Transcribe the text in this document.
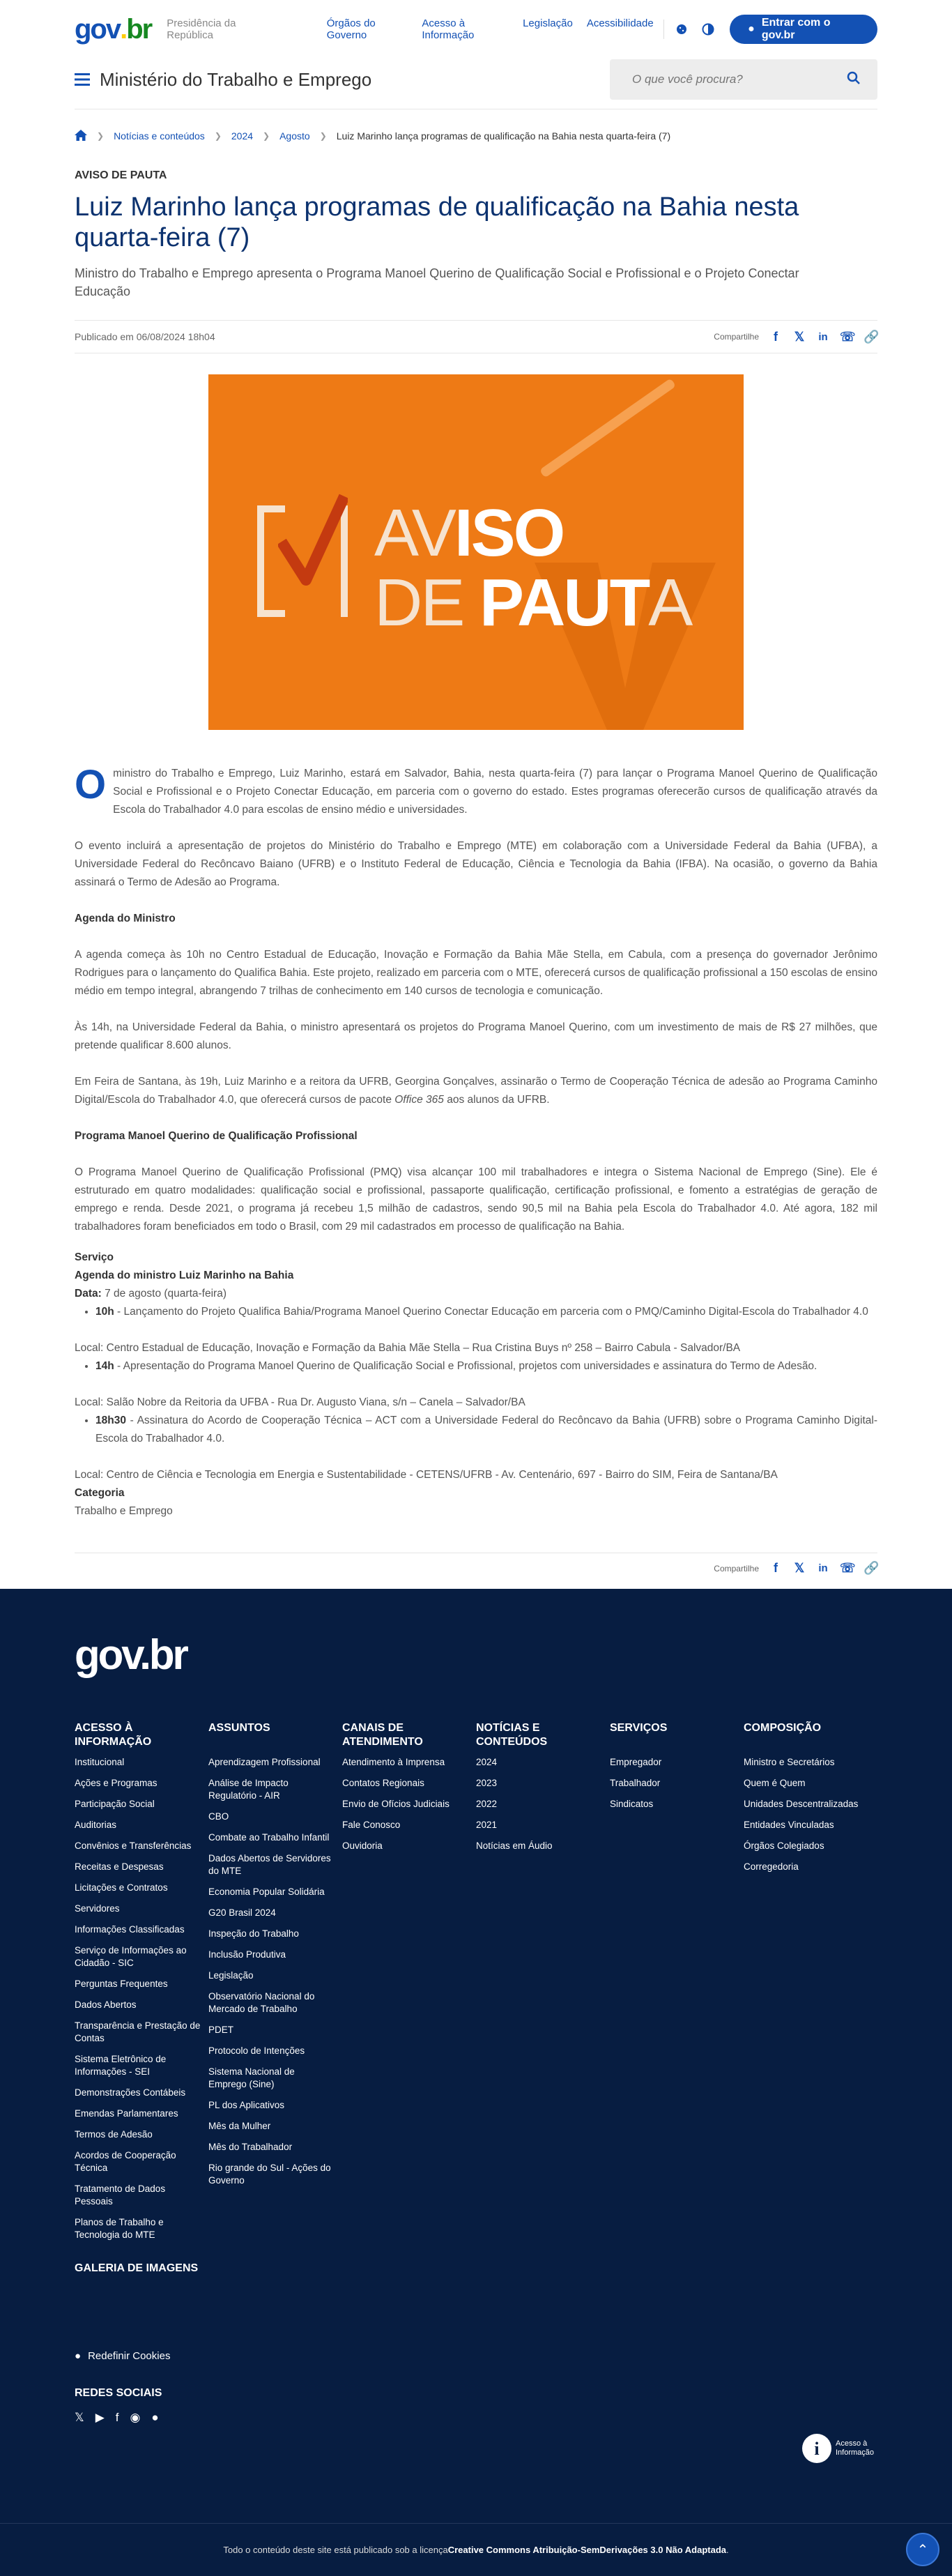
gov . br Presidência da República
Órgãos do Governo
Acesso à Informação
Legislação Acessibilidade	●
Entrar com o gov.br
Ministério do Trabalho e Emprego
O que você procura?
❯ Notícias e conteúdos ❯ 2024 ❯ Agosto ❯ Luiz Marinho lança programas de qualificação na Bahia nesta quarta-feira (7)
AVISO DE PAUTA
Luiz Marinho lança programas de qualificação na Bahia nesta quarta-feira (7)
Ministro do Trabalho e Emprego apresenta o Programa Manoel Querino de Qualificação Social e Profissional e o Projeto Conectar Educação
Publicado em 06/08/2024 18h04	Compartilhe	f	𝕏 in ☏ 🔗
AVISO
DE PAUTA

O ministro do Trabalho e Emprego, Luiz Marinho, estará em Salvador, Bahia, nesta quarta-feira (7) para lançar o Programa Manoel Querino de Qualificação Social e Profissional e o Projeto Conectar Educação, em parceria com o governo do estado. Estes programas oferecerão cursos de qualificação através da Escola do Trabalhador 4.0 para escolas de ensino médio e universidades.

O evento incluirá a apresentação de projetos do Ministério do Trabalho e Emprego (MTE) em colaboração com a Universidade Federal da Bahia (UFBA), a Universidade Federal do Recôncavo Baiano (UFRB) e o Instituto Federal de Educação, Ciência e Tecnologia da Bahia (IFBA). Na ocasião, o governo da Bahia assinará o Termo de Adesão ao Programa.

Agenda do Ministro

A agenda começa às 10h no Centro Estadual de Educação, Inovação e Formação da Bahia Mãe Stella, em Cabula, com a presença do governador Jerônimo Rodrigues para o lançamento do Qualifica Bahia. Este projeto, realizado em parceria com o MTE, oferecerá cursos de qualificação profissional a 150 escolas de ensino médio em tempo integral, abrangendo 7 trilhas de conhecimento em 140 cursos de tecnologia e comunicação.

Às 14h, na Universidade Federal da Bahia, o ministro apresentará os projetos do Programa Manoel Querino, com um investimento de mais de R$ 27 milhões, que pretende qualificar 8.600 alunos.

Em Feira de Santana, às 19h, Luiz Marinho e a reitora da UFRB, Georgina Gonçalves, assinarão o Termo de Cooperação Técnica de adesão ao Programa Caminho Digital/Escola do Trabalhador 4.0, que oferecerá cursos de pacote Office 365 aos alunos da UFRB.

Programa Manoel Querino de Qualificação Profissional

O Programa Manoel Querino de Qualificação Profissional (PMQ) visa alcançar 100 mil trabalhadores e integra o Sistema Nacional de Emprego (Sine). Ele é estruturado em quatro modalidades: qualificação social e profissional, passaporte qualificação, certificação profissional, e fomento a estratégias de geração de emprego e renda. Desde 2021, o programa já recebeu 1,5 milhão de cadastros, sendo 90,5 mil na Bahia pela Escola do Trabalhador 4.0. Até agora, 182 mil trabalhadores foram beneficiados em todo o Brasil, com 29 mil cadastrados em processo de qualificação na Bahia.

Serviço
Agenda do ministro Luiz Marinho na Bahia
Data: 7 de agosto (quarta-feira)
• 10h - Lançamento do Projeto Qualifica Bahia/Programa Manoel Querino Conectar Educação em parceria com o PMQ/Caminho Digital-Escola do Trabalhador 4.0
Local: Centro Estadual de Educação, Inovação e Formação da Bahia Mãe Stella – Rua Cristina Buys nº 258 – Bairro Cabula - Salvador/BA
• 14h - Apresentação do Programa Manoel Querino de Qualificação Social e Profissional, projetos com universidades e assinatura do Termo de Adesão.
Local: Salão Nobre da Reitoria da UFBA - Rua Dr. Augusto Viana, s/n – Canela – Salvador/BA
• 18h30 - Assinatura do Acordo de Cooperação Técnica – ACT com a Universidade Federal do Recôncavo da Bahia (UFRB) sobre o Programa Caminho Digital-Escola do Trabalhador 4.0.
Local: Centro de Ciência e Tecnologia em Energia e Sustentabilidade - CETENS/UFRB - Av. Centenário, 697 - Bairro do SIM, Feira de Santana/BA
Categoria
Trabalho e Emprego
Compartilhe	f	𝕏 in ☏ 🔗
gov.br
ACESSO À INFORMAÇÃO
Institucional
Ações e Programas
Participação Social
Auditorias
Convênios e Transferências
Receitas e Despesas
Licitações e Contratos
Servidores
Informações Classificadas
Serviço de Informações ao Cidadão - SIC
Perguntas Frequentes
Dados Abertos
Transparência e Prestação de Contas
Sistema Eletrônico de Informações - SEI
Demonstrações Contábeis
Emendas Parlamentares
Termos de Adesão
Acordos de Cooperação Técnica
Tratamento de Dados Pessoais
Planos de Trabalho e Tecnologia do MTE
ASSUNTOS
Aprendizagem Profissional
Análise de Impacto Regulatório - AIR
CBO
Combate ao Trabalho Infantil
Dados Abertos de Servidores do MTE
Economia Popular Solidária
G20 Brasil 2024
Inspeção do Trabalho
Inclusão Produtiva
Legislação
Observatório Nacional do Mercado de Trabalho
PDET
Protocolo de Intenções
Sistema Nacional de Emprego (Sine)
PL dos Aplicativos
Mês da Mulher
Mês do Trabalhador
Rio grande do Sul - Ações do Governo
CANAIS DE ATENDIMENTO
Atendimento à Imprensa
Contatos Regionais
Envio de Ofícios Judiciais
Fale Conosco
Ouvidoria
NOTÍCIAS E CONTEÚDOS
2024
2023
2022
2021
Notícias em Áudio
SERVIÇOS
Empregador
Trabalhador
Sindicatos
COMPOSIÇÃO
Ministro e Secretários
Quem é Quem
Unidades Descentralizadas
Entidades Vinculadas
Órgãos Colegiados
Corregedoria
GALERIA DE IMAGENS
● Redefinir Cookies
REDES SOCIAIS
𝕏 ▶ f ◉ ●
i	Acesso à Informação
Todo o conteúdo deste site está publicado sob a licença Creative Commons Atribuição-SemDerivações 3.0 Não Adaptada .	⌃
